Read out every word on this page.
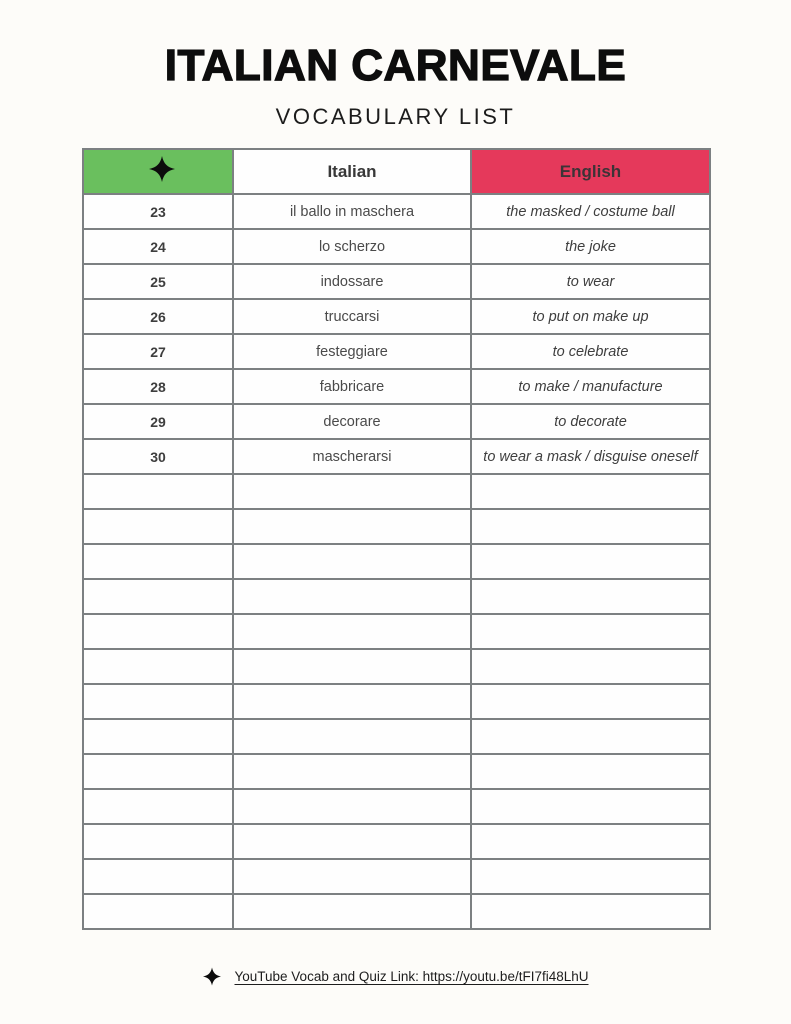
ITALIAN CARNEVALE
VOCABULARY LIST
	Italian	English
23	il ballo in maschera	the masked / costume ball
24	lo scherzo	the joke
25	indossare	to wear
26	truccarsi	to put on make up
27	festeggiare	to celebrate
28	fabbricare	to make / manufacture
29	decorare	to decorate
30	mascherarsi	to wear a mask / disguise oneself

YouTube Vocab and Quiz Link: https://youtu.be/tFI7fi48LhU
